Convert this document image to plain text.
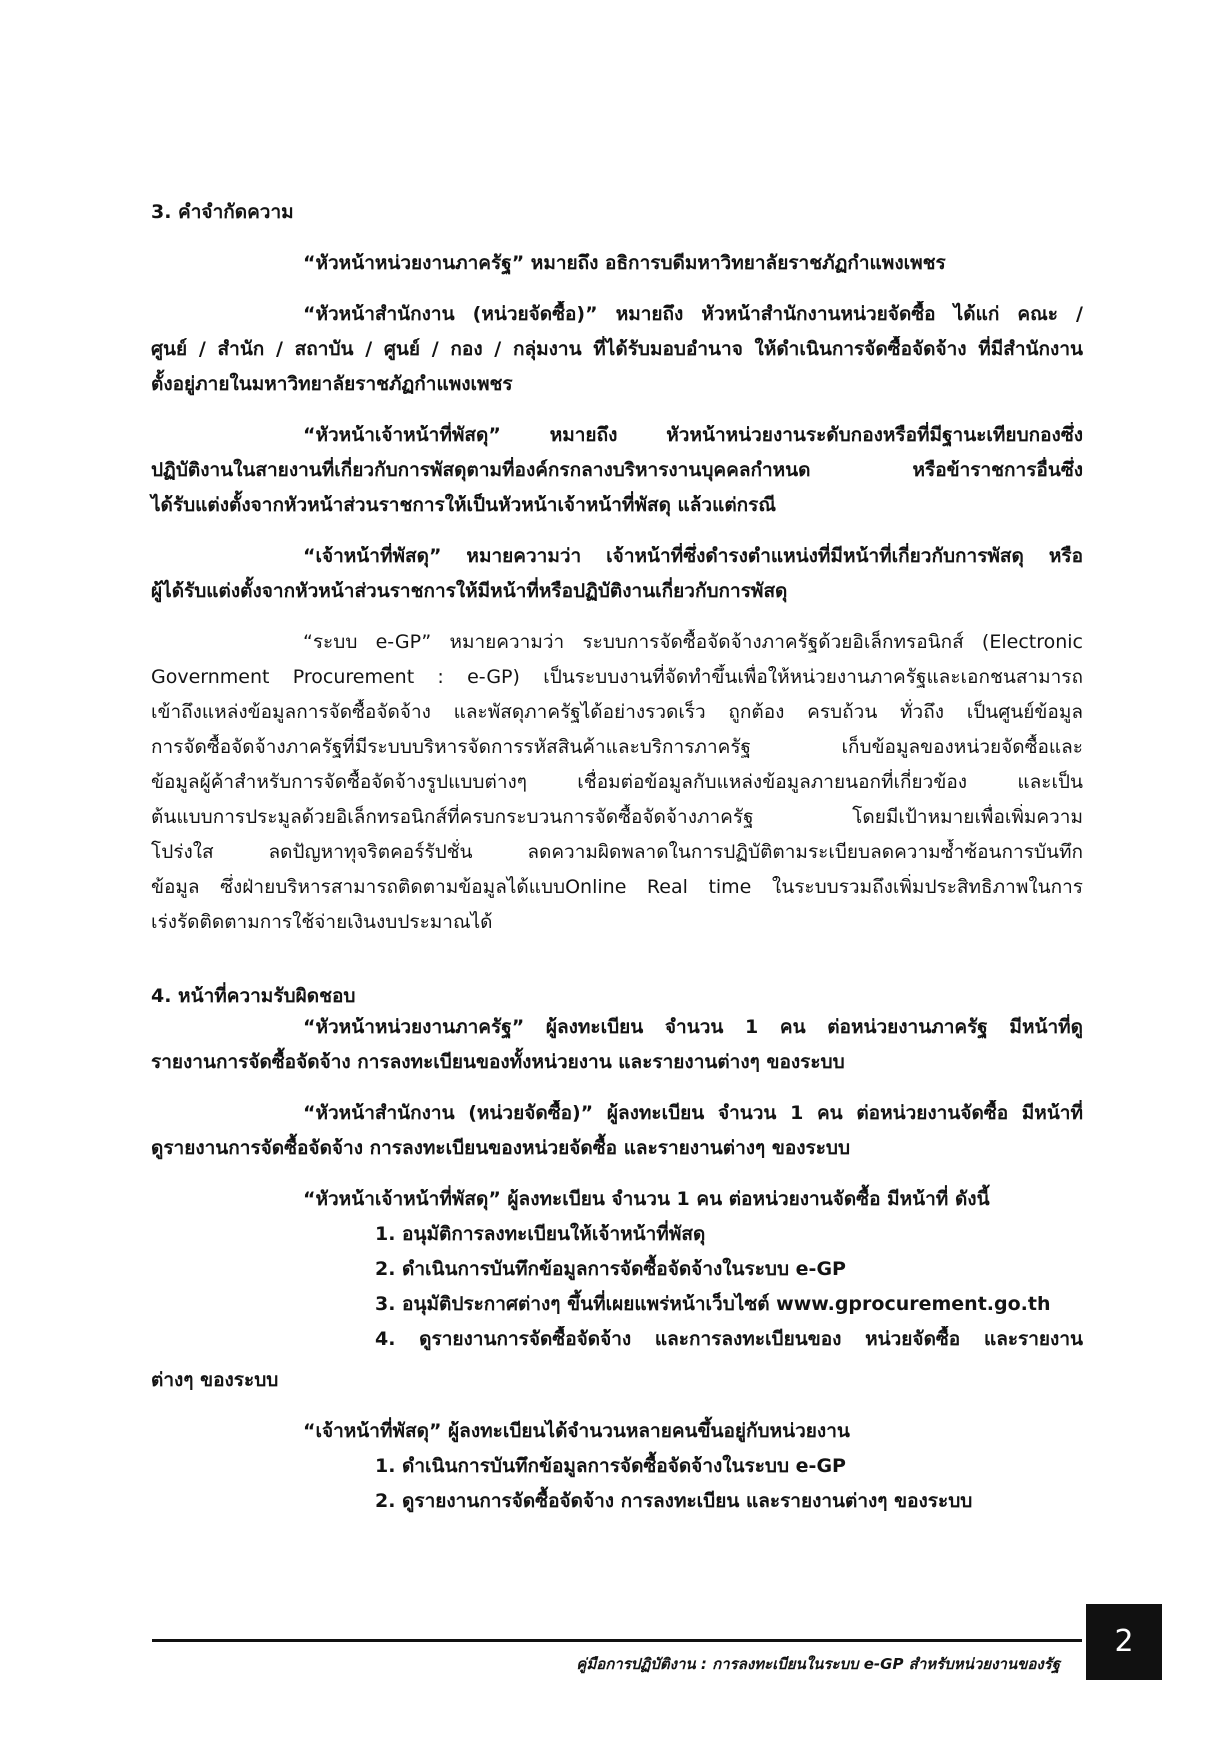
3. คำจำกัดความ
“หัวหน้าหน่วยงานภาครัฐ” หมายถึง อธิการบดีมหาวิทยาลัยราชภัฏกำแพงเพชร
“หัวหน้าสำนักงาน (หน่วยจัดซื้อ)” หมายถึง หัวหน้าสำนักงานหน่วยจัดซื้อ ได้แก่ คณะ /
ศูนย์ / สำนัก / สถาบัน / ศูนย์ / กอง / กลุ่มงาน ที่ได้รับมอบอำนาจ ให้ดำเนินการจัดซื้อจัดจ้าง ที่มีสำนักงาน
ตั้งอยู่ภายในมหาวิทยาลัยราชภัฏกำแพงเพชร
“หัวหน้าเจ้าหน้าที่พัสดุ” หมายถึง หัวหน้าหน่วยงานระดับกองหรือที่มีฐานะเทียบกองซึ่ง
ปฏิบัติงานในสายงานที่เกี่ยวกับการพัสดุตามที่องค์กรกลางบริหารงานบุคคลกำหนด หรือข้าราชการอื่นซึ่ง
ได้รับแต่งตั้งจากหัวหน้าส่วนราชการให้เป็นหัวหน้าเจ้าหน้าที่พัสดุ แล้วแต่กรณี
“เจ้าหน้าที่พัสดุ” หมายความว่า เจ้าหน้าที่ซึ่งดำรงตำแหน่งที่มีหน้าที่เกี่ยวกับการพัสดุ หรือ
ผู้ได้รับแต่งตั้งจากหัวหน้าส่วนราชการให้มีหน้าที่หรือปฏิบัติงานเกี่ยวกับการพัสดุ
“ระบบ e-GP” หมายความว่า ระบบการจัดซื้อจัดจ้างภาครัฐด้วยอิเล็กทรอนิกส์ (Electronic
Government Procurement : e-GP) เป็นระบบงานที่จัดทำขึ้นเพื่อให้หน่วยงานภาครัฐและเอกชนสามารถ
เข้าถึงแหล่งข้อมูลการจัดซื้อจัดจ้าง และพัสดุภาครัฐได้อย่างรวดเร็ว ถูกต้อง ครบถ้วน ทั่วถึง เป็นศูนย์ข้อมูล
การจัดซื้อจัดจ้างภาครัฐที่มีระบบบริหารจัดการรหัสสินค้าและบริการภาครัฐ เก็บข้อมูลของหน่วยจัดซื้อและ
ข้อมูลผู้ค้าสำหรับการจัดซื้อจัดจ้างรูปแบบต่างๆ เชื่อมต่อข้อมูลกับแหล่งข้อมูลภายนอกที่เกี่ยวข้อง และเป็น
ต้นแบบการประมูลด้วยอิเล็กทรอนิกส์ที่ครบกระบวนการจัดซื้อจัดจ้างภาครัฐ โดยมีเป้าหมายเพื่อเพิ่มความ
โปร่งใส ลดปัญหาทุจริตคอร์รัปชั่น ลดความผิดพลาดในการปฏิบัติตามระเบียบลดความซ้ำซ้อนการบันทึก
ข้อมูล ซึ่งฝ่ายบริหารสามารถติดตามข้อมูลได้แบบOnline Real time ในระบบรวมถึงเพิ่มประสิทธิภาพในการ
เร่งรัดติดตามการใช้จ่ายเงินงบประมาณได้
4. หน้าที่ความรับผิดชอบ
“หัวหน้าหน่วยงานภาครัฐ” ผู้ลงทะเบียน จำนวน 1 คน ต่อหน่วยงานภาครัฐ มีหน้าที่ดู
รายงานการจัดซื้อจัดจ้าง การลงทะเบียนของทั้งหน่วยงาน และรายงานต่างๆ ของระบบ
“หัวหน้าสำนักงาน (หน่วยจัดซื้อ)” ผู้ลงทะเบียน จำนวน 1 คน ต่อหน่วยงานจัดซื้อ มีหน้าที่
ดูรายงานการจัดซื้อจัดจ้าง การลงทะเบียนของหน่วยจัดซื้อ และรายงานต่างๆ ของระบบ
“หัวหน้าเจ้าหน้าที่พัสดุ” ผู้ลงทะเบียน จำนวน 1 คน ต่อหน่วยงานจัดซื้อ มีหน้าที่ ดังนี้
1. อนุมัติการลงทะเบียนให้เจ้าหน้าที่พัสดุ
2. ดำเนินการบันทึกข้อมูลการจัดซื้อจัดจ้างในระบบ e-GP
3. อนุมัติประกาศต่างๆ ขึ้นที่เผยแพร่หน้าเว็บไซต์ www.gprocurement.go.th
4. ดูรายงานการจัดซื้อจัดจ้าง และการลงทะเบียนของ หน่วยจัดซื้อ และรายงาน
ต่างๆ ของระบบ
“เจ้าหน้าที่พัสดุ” ผู้ลงทะเบียนได้จำนวนหลายคนขึ้นอยู่กับหน่วยงาน
1. ดำเนินการบันทึกข้อมูลการจัดซื้อจัดจ้างในระบบ e-GP
2. ดูรายงานการจัดซื้อจัดจ้าง การลงทะเบียน และรายงานต่างๆ ของระบบ
คู่มือการปฏิบัติงาน : การลงทะเบียนในระบบ e-GP สำหรับหน่วยงานของรัฐ
2
